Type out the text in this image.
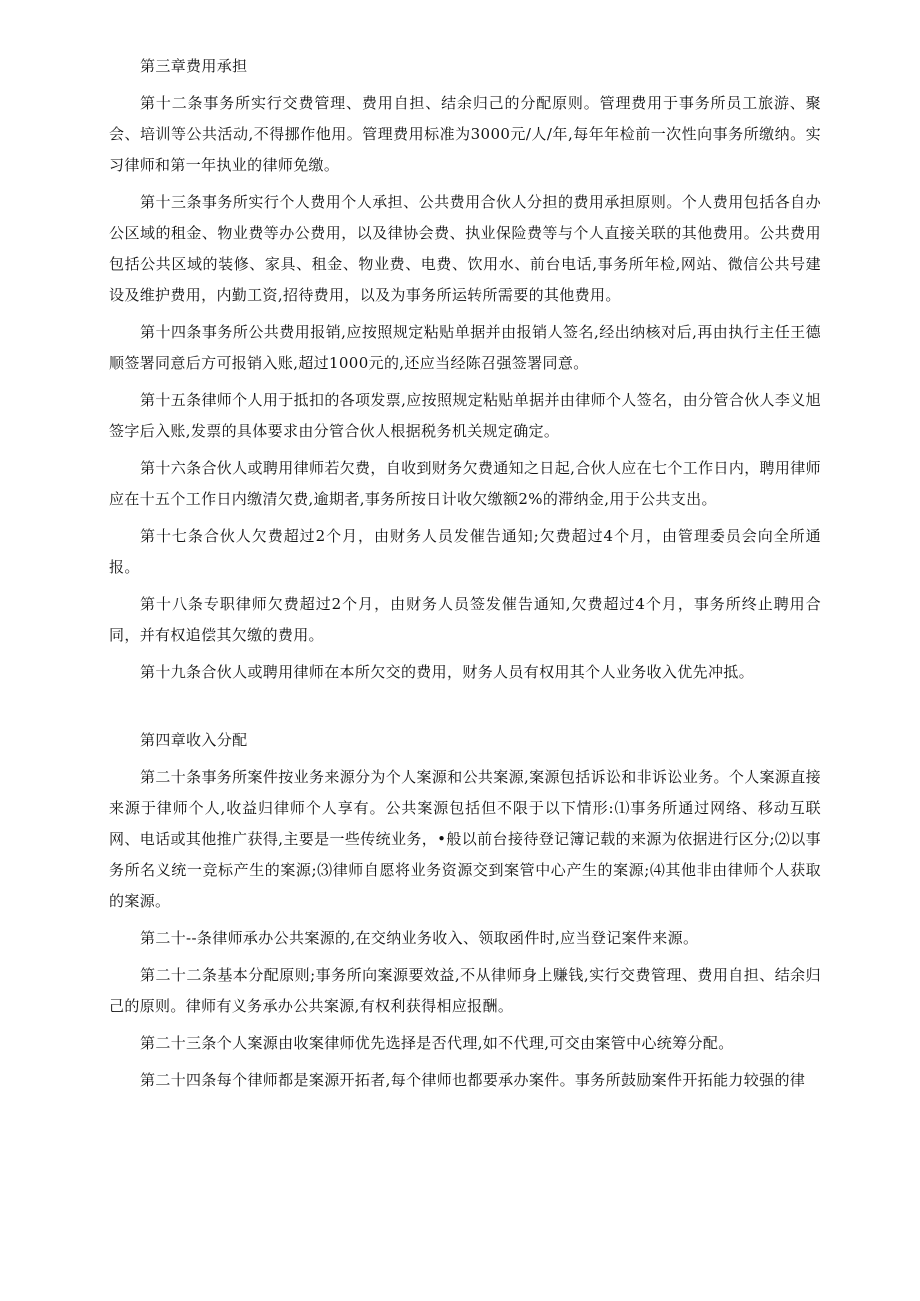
第三章费用承担

第十二条事务所实行交费管理、费用自担、结余归己的分配原则。管理费用于事务所员工旅游、聚会、培训等公共活动,不得挪作他用。管理费用标准为3000元/人/年,每年年检前一次性向事务所缴纳。实习律师和第一年执业的律师免缴。

第十三条事务所实行个人费用个人承担、公共费用合伙人分担的费用承担原则。个人费用包括各自办公区域的租金、物业费等办公费用，以及律协会费、执业保险费等与个人直接关联的其他费用。公共费用包括公共区域的装修、家具、租金、物业费、电费、饮用水、前台电话,事务所年检,网站、微信公共号建设及维护费用，内勤工资,招待费用，以及为事务所运转所需要的其他费用。

第十四条事务所公共费用报销,应按照规定粘贴单据并由报销人签名,经出纳核对后,再由执行主任王德顺签署同意后方可报销入账,超过1000元的,还应当经陈召强签署同意。

第十五条律师个人用于抵扣的各项发票,应按照规定粘贴单据并由律师个人签名，由分管合伙人李义旭签字后入账,发票的具体要求由分管合伙人根据税务机关规定确定。

第十六条合伙人或聘用律师若欠费，自收到财务欠费通知之日起,合伙人应在七个工作日内，聘用律师应在十五个工作日内缴清欠费,逾期者,事务所按日计收欠缴额2%的滞纳金,用于公共支出。

第十七条合伙人欠费超过2个月，由财务人员发催告通知;欠费超过4个月，由管理委员会向全所通报。

第十八条专职律师欠费超过2个月，由财务人员签发催告通知,欠费超过4个月，事务所终止聘用合同，并有权追偿其欠缴的费用。

第十九条合伙人或聘用律师在本所欠交的费用，财务人员有权用其个人业务收入优先冲抵。

第四章收入分配

第二十条事务所案件按业务来源分为个人案源和公共案源,案源包括诉讼和非诉讼业务。个人案源直接来源于律师个人,收益归律师个人享有。公共案源包括但不限于以下情形:⑴事务所通过网络、移动互联网、电话或其他推广获得,主要是一些传统业务，•般以前台接待登记簿记载的来源为依据进行区分;⑵以事务所名义统一竞标产生的案源;⑶律师自愿将业务资源交到案管中心产生的案源;⑷其他非由律师个人获取的案源。

第二十--条律师承办公共案源的,在交纳业务收入、领取函件时,应当登记案件来源。

第二十二条基本分配原则;事务所向案源要效益,不从律师身上赚钱,实行交费管理、费用自担、结余归己的原则。律师有义务承办公共案源,有权利获得相应报酬。

第二十三条个人案源由收案律师优先选择是否代理,如不代理,可交由案管中心统筹分配。

第二十四条每个律师都是案源开拓者,每个律师也都要承办案件。事务所鼓励案件开拓能力较强的律
